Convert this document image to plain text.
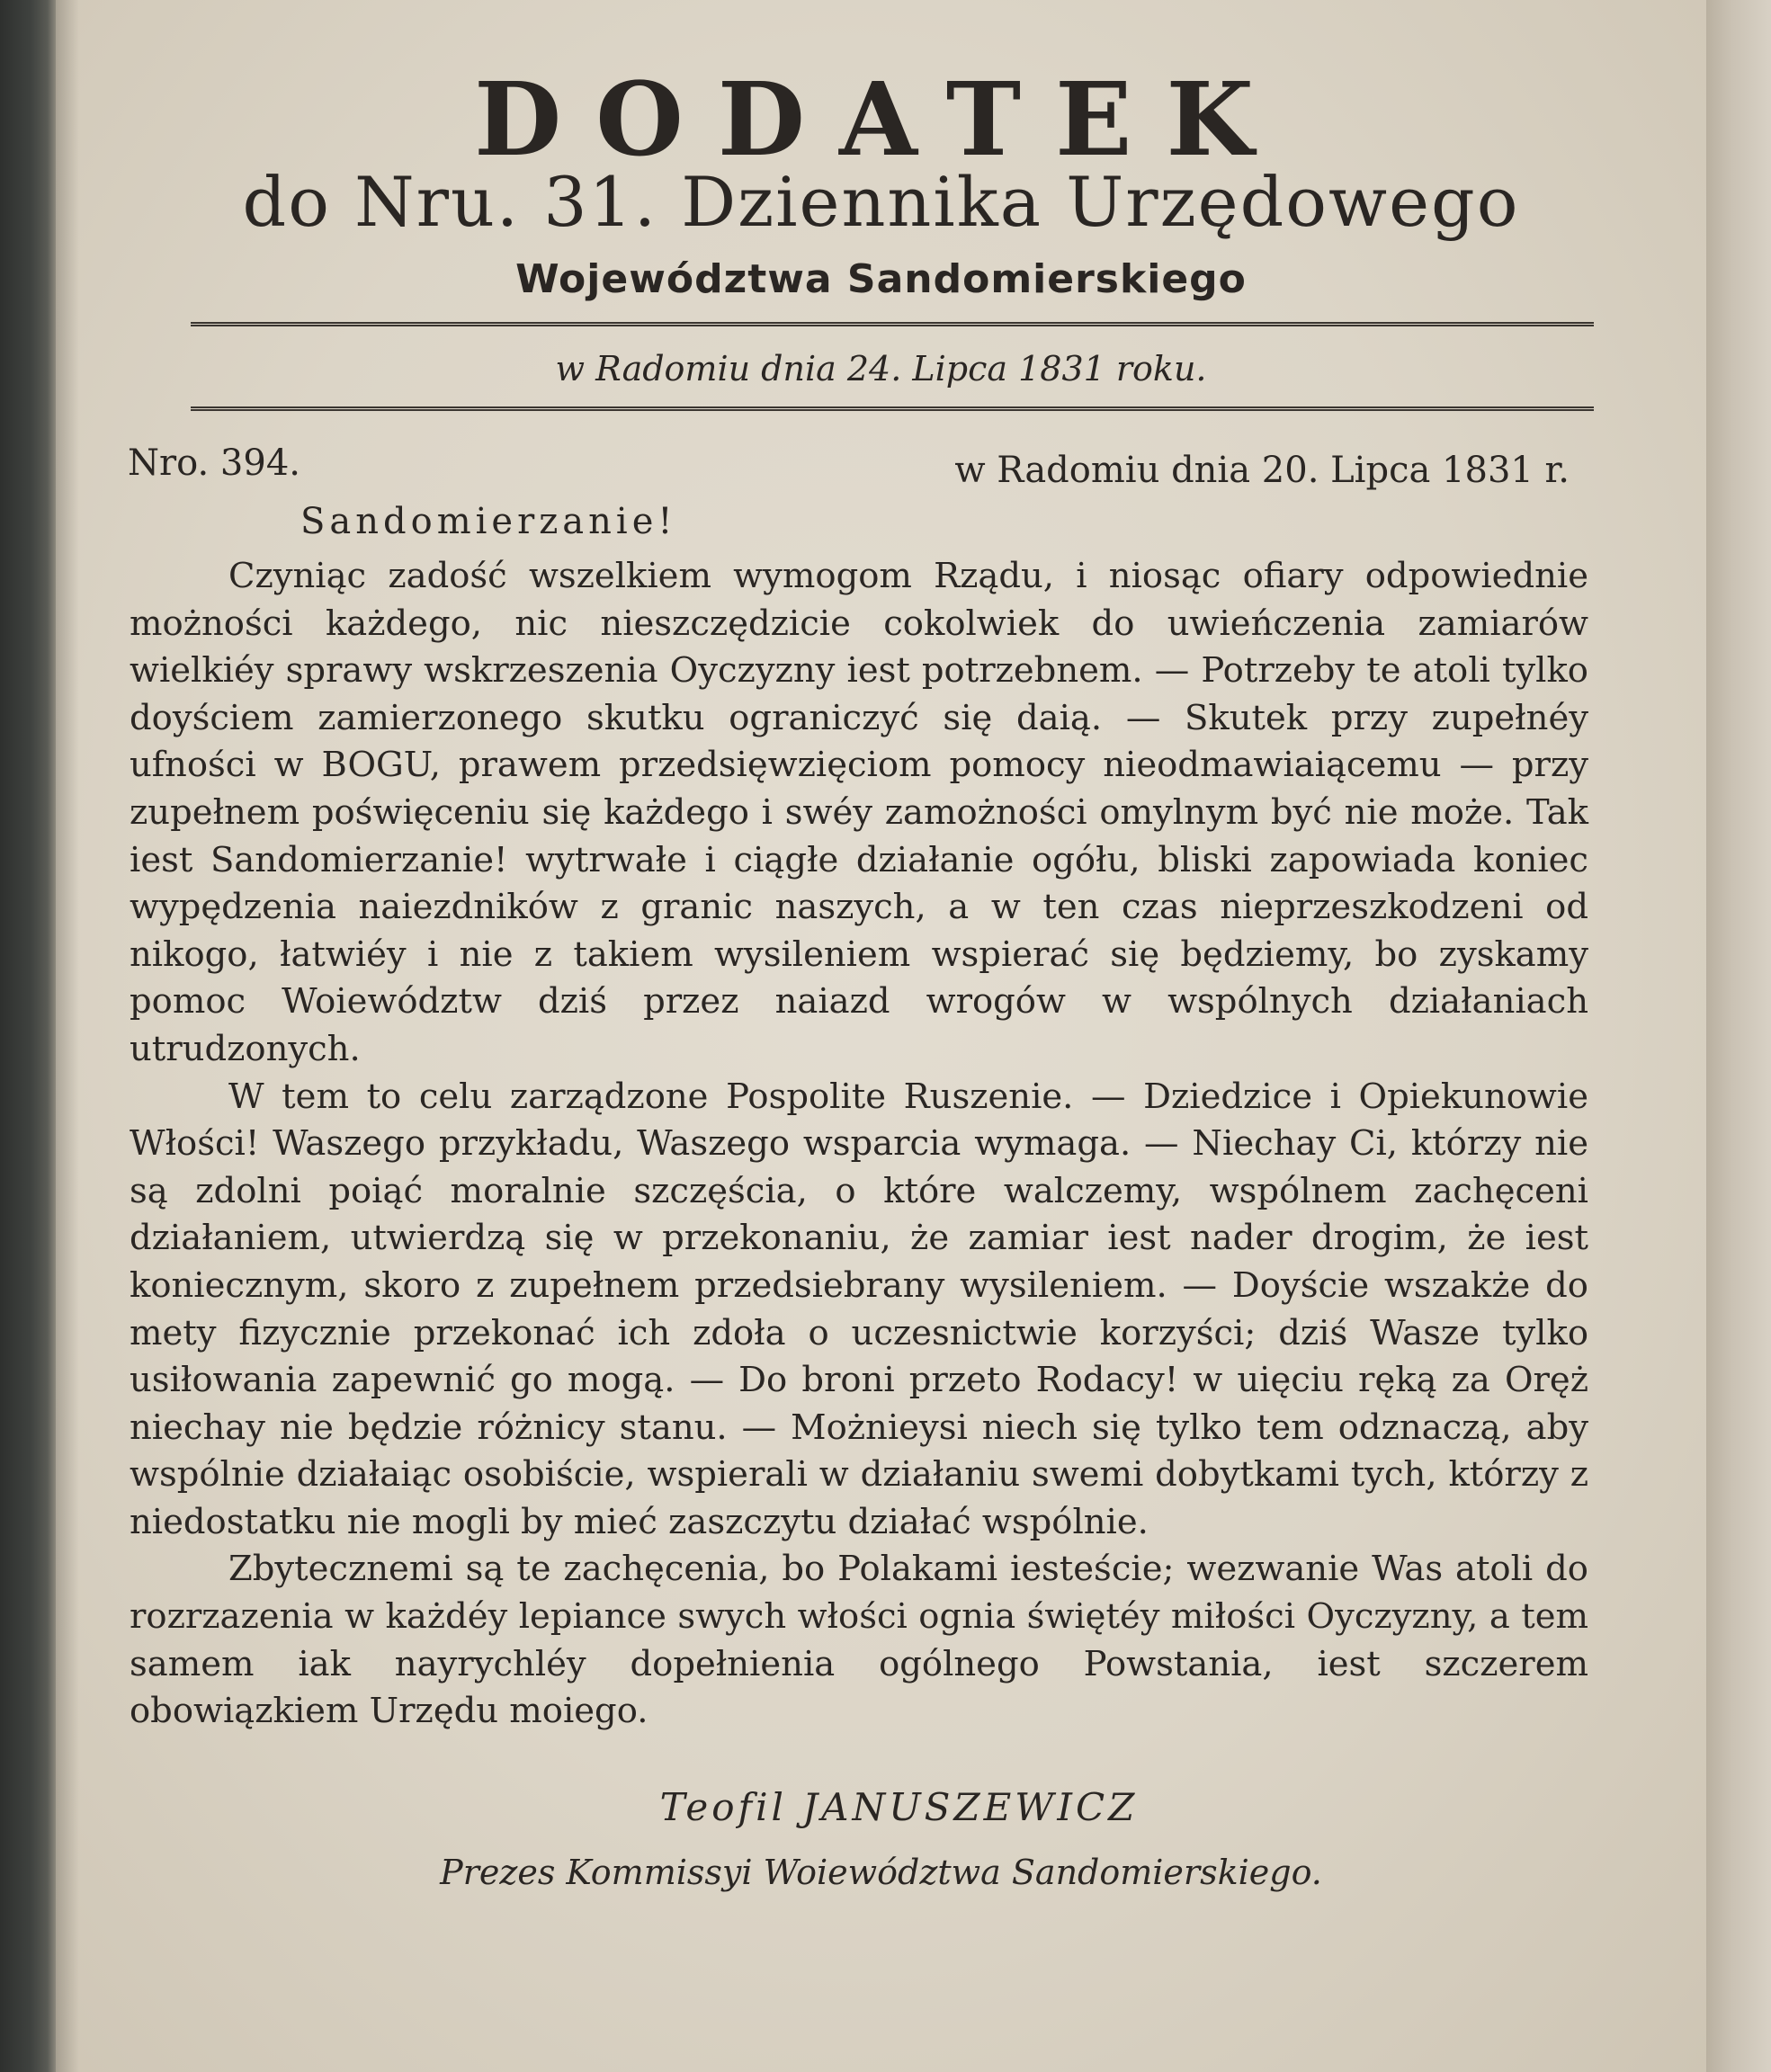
DODATEK
do Nru. 31. Dziennika Urzędowego
Województwa Sandomierskiego
w Radomiu dnia 24. Lipca 1831 roku.
Nro. 394.	w Radomiu dnia 20. Lipca 1831 r.
Sandomierzanie!

Czyniąc zadość wszelkiem wymogom Rządu, i niosąc ofiary odpowiednie możności każdego, nic nieszczędzicie cokolwiek do uwieńczenia zamiarów wielkiéy sprawy wskrzeszenia Oyczyzny iest potrzebnem. — Potrzeby te atoli tylko doyściem zamierzonego skutku ograniczyć się daią. — Skutek przy zupełnéy ufności w BOGU, prawem przedsięwzięciom pomocy nieodmawiaiącemu — przy zupełnem poświęceniu się każdego i swéy zamożności omylnym być nie może. Tak iest Sandomierzanie! wytrwałe i ciągłe działanie ogółu, bliski zapowiada koniec wypędzenia naiezdników z granic naszych, a w ten czas nieprzeszkodzeni od nikogo, łatwiéy i nie z takiem wysileniem wspierać się będziemy, bo zyskamy pomoc Woiewództw dziś przez naiazd wrogów w wspólnych działaniach utrudzonych.

W tem to celu zarządzone Pospolite Ruszenie. — Dziedzice i Opiekunowie Włości! Waszego przykładu, Waszego wsparcia wymaga. — Niechay Ci, którzy nie są zdolni poiąć moralnie szczęścia, o które walczemy, wspólnem zachęceni działaniem, utwierdzą się w przekonaniu, że zamiar iest nader drogim, że iest koniecznym, skoro z zupełnem przedsiebrany wysileniem. — Doyście wszakże do mety fizycznie przekonać ich zdoła o uczesnictwie korzyści; dziś Wasze tylko usiłowania zapewnić go mogą. — Do broni przeto Rodacy! w uięciu ręką za Oręż niechay nie będzie różnicy stanu. — Możnieysi niech się tylko tem odznaczą, aby wspólnie działaiąc osobiście, wspierali w działaniu swemi dobytkami tych, którzy z niedostatku nie mogli by mieć zaszczytu działać wspólnie.

Zbytecznemi są te zachęcenia, bo Polakami iesteście; wezwanie Was atoli do rozrzazenia w każdéy lepiance swych włości ognia świętéy miłości Oyczyzny, a tem samem iak nayrychléy dopełnienia ogólnego Powstania, iest szczerem obowiązkiem Urzędu moiego.

Teofil JANUSZEWICZ
Prezes Kommissyi Woiewództwa Sandomierskiego.
